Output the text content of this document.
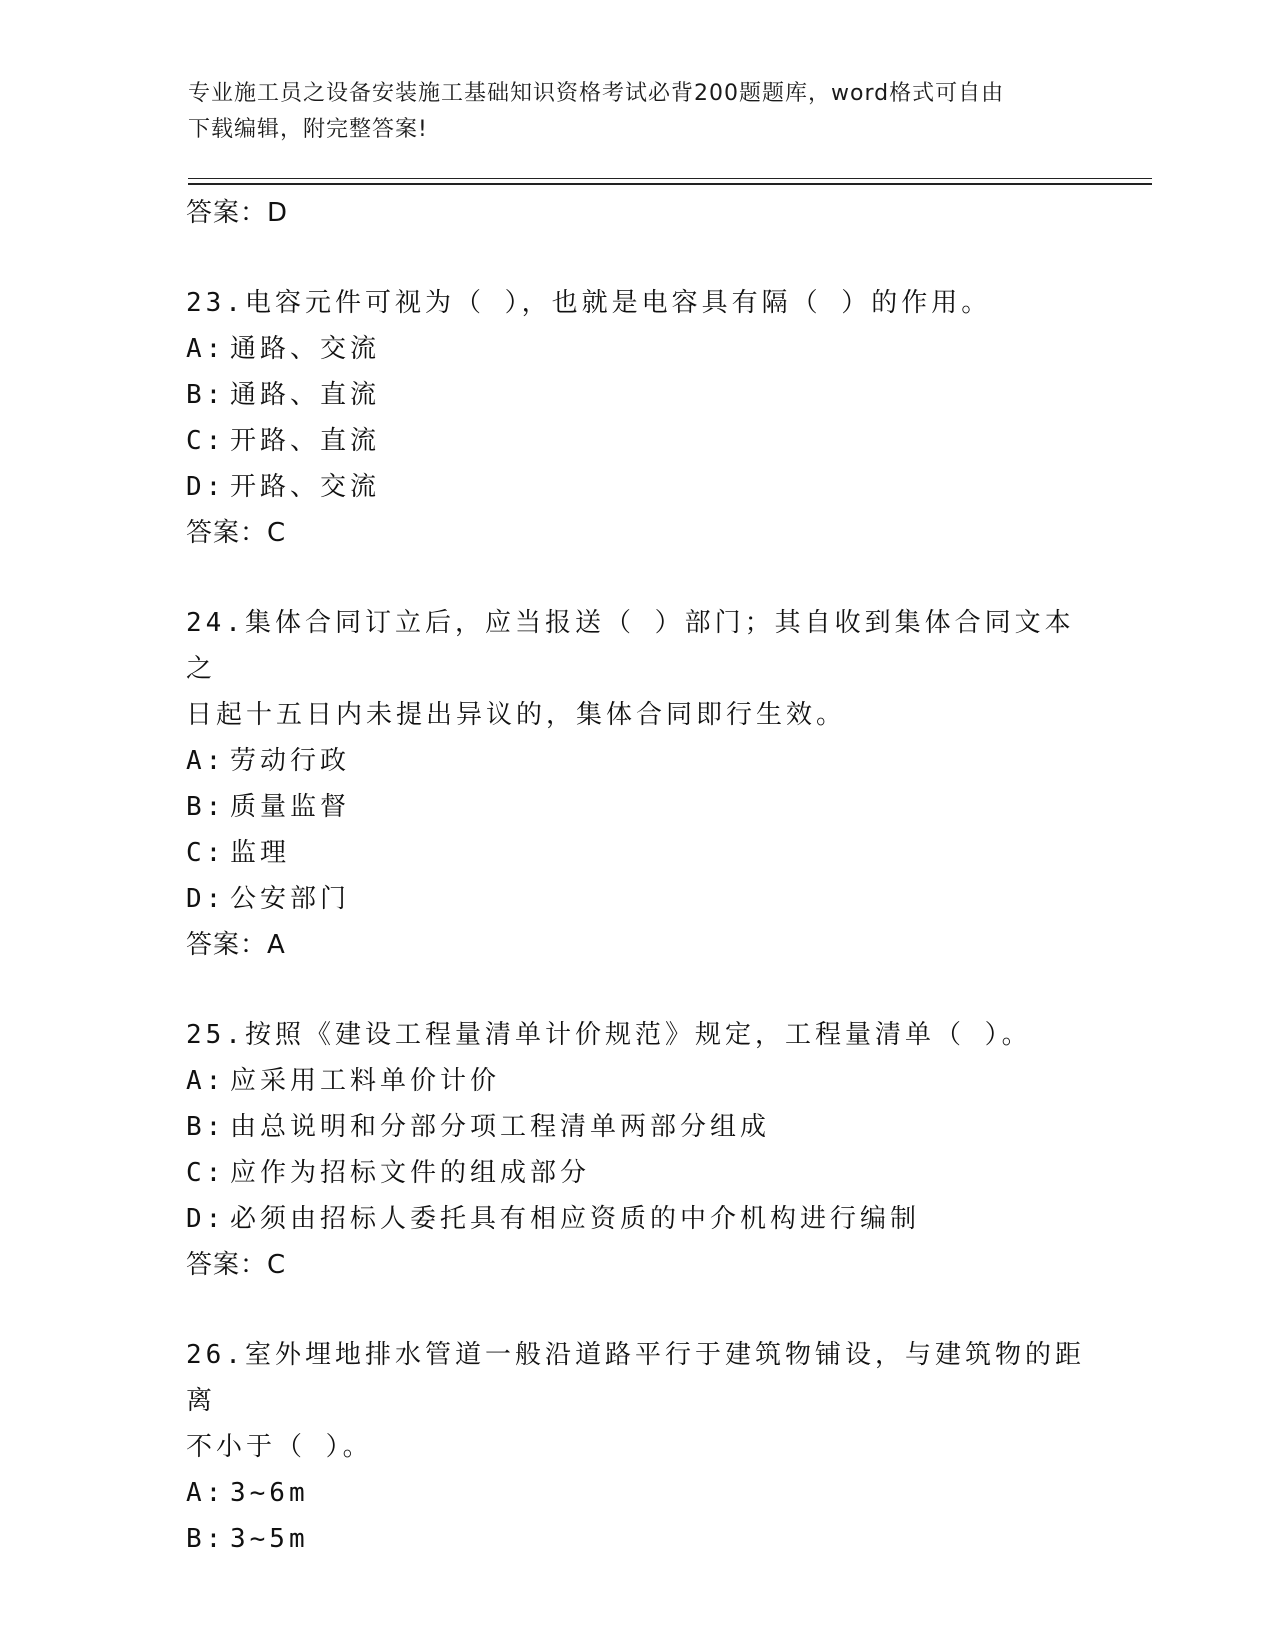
专业施工员之设备安装施工基础知识资格考试必背200题题库，word格式可自由
下载编辑，附完整答案!
答案：D
23.电容元件可视为（ ），也就是电容具有隔（ ）的作用。
A: 通路、交流
B: 通路、直流
C: 开路、直流
D: 开路、交流
答案：C
24.集体合同订立后，应当报送（ ）部门；其自收到集体合同文本之
日起十五日内未提出异议的，集体合同即行生效。
A: 劳动行政
B: 质量监督
C: 监理
D: 公安部门
答案：A
25.按照《建设工程量清单计价规范》规定，工程量清单（ ）。
A: 应采用工料单价计价
B: 由总说明和分部分项工程清单两部分组成
C: 应作为招标文件的组成部分
D: 必须由招标人委托具有相应资质的中介机构进行编制
答案：C
26.室外埋地排水管道一般沿道路平行于建筑物铺设，与建筑物的距离
不小于（ ）。
A: 3~6m
B: 3~5m
